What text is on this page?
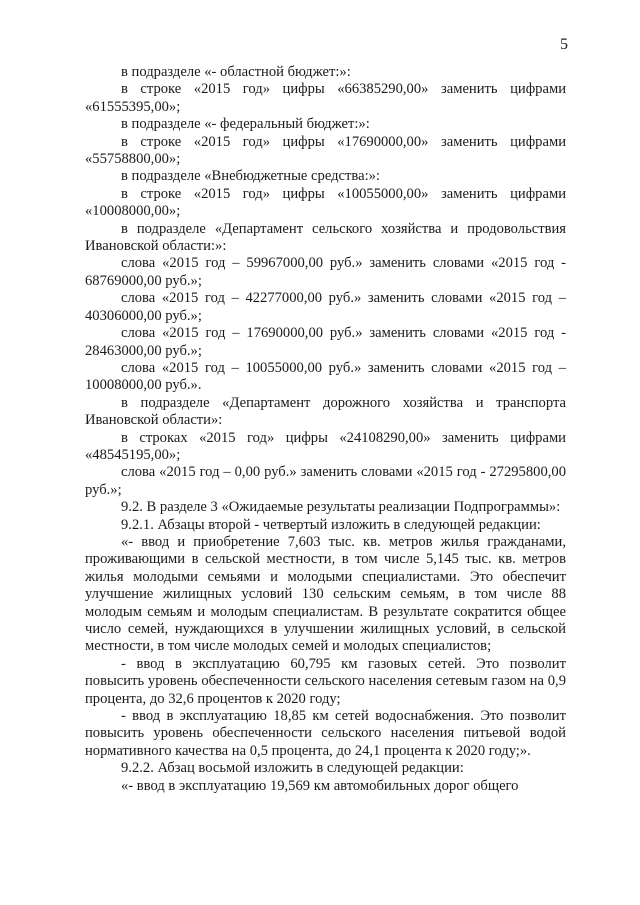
5

в подразделе «- областной бюджет:»:

в строке «2015 год» цифры «66385290,00» заменить цифрами «61555395,00»;

в подразделе «- федеральный бюджет:»:

в строке «2015 год» цифры «17690000,00» заменить цифрами «55758800,00»;

в подразделе «Внебюджетные средства:»:

в строке «2015 год» цифры «10055000,00» заменить цифрами «10008000,00»;

в подразделе «Департамент сельского хозяйства и продовольствия Ивановской области:»:

слова «2015 год – 59967000,00 руб.» заменить словами «2015 год - 68769000,00 руб.»;

слова «2015 год – 42277000,00 руб.» заменить словами «2015 год – 40306000,00 руб.»;

слова «2015 год – 17690000,00 руб.» заменить словами «2015 год - 28463000,00 руб.»;

слова «2015 год – 10055000,00 руб.» заменить словами «2015 год – 10008000,00 руб.».

в подразделе «Департамент дорожного хозяйства и транспорта Ивановской области»:

в строках «2015 год» цифры «24108290,00» заменить цифрами «48545195,00»;

слова «2015 год – 0,00 руб.» заменить словами «2015 год - 27295800,00 руб.»;

9.2. В разделе 3 «Ожидаемые результаты реализации Подпрограммы»:

9.2.1. Абзацы второй - четвертый изложить в следующей редакции:

«- ввод и приобретение 7,603 тыс. кв. метров жилья гражданами, проживающими в сельской местности, в том числе 5,145 тыс. кв. метров жилья молодыми семьями и молодыми специалистами. Это обеспечит улучшение жилищных условий 130 сельским семьям, в том числе 88 молодым семьям и молодым специалистам. В результате сократится общее число семей, нуждающихся в улучшении жилищных условий, в сельской местности, в том числе молодых семей и молодых специалистов;

- ввод в эксплуатацию 60,795 км газовых сетей. Это позволит повысить уровень обеспеченности сельского населения сетевым газом на 0,9 процента, до 32,6 процентов к 2020 году;

- ввод в эксплуатацию 18,85 км сетей водоснабжения. Это позволит повысить уровень обеспеченности сельского населения питьевой водой нормативного качества на 0,5 процента, до 24,1 процента к 2020 году;».

9.2.2. Абзац восьмой изложить в следующей редакции:

«- ввод в эксплуатацию 19,569 км автомобильных дорог общего
